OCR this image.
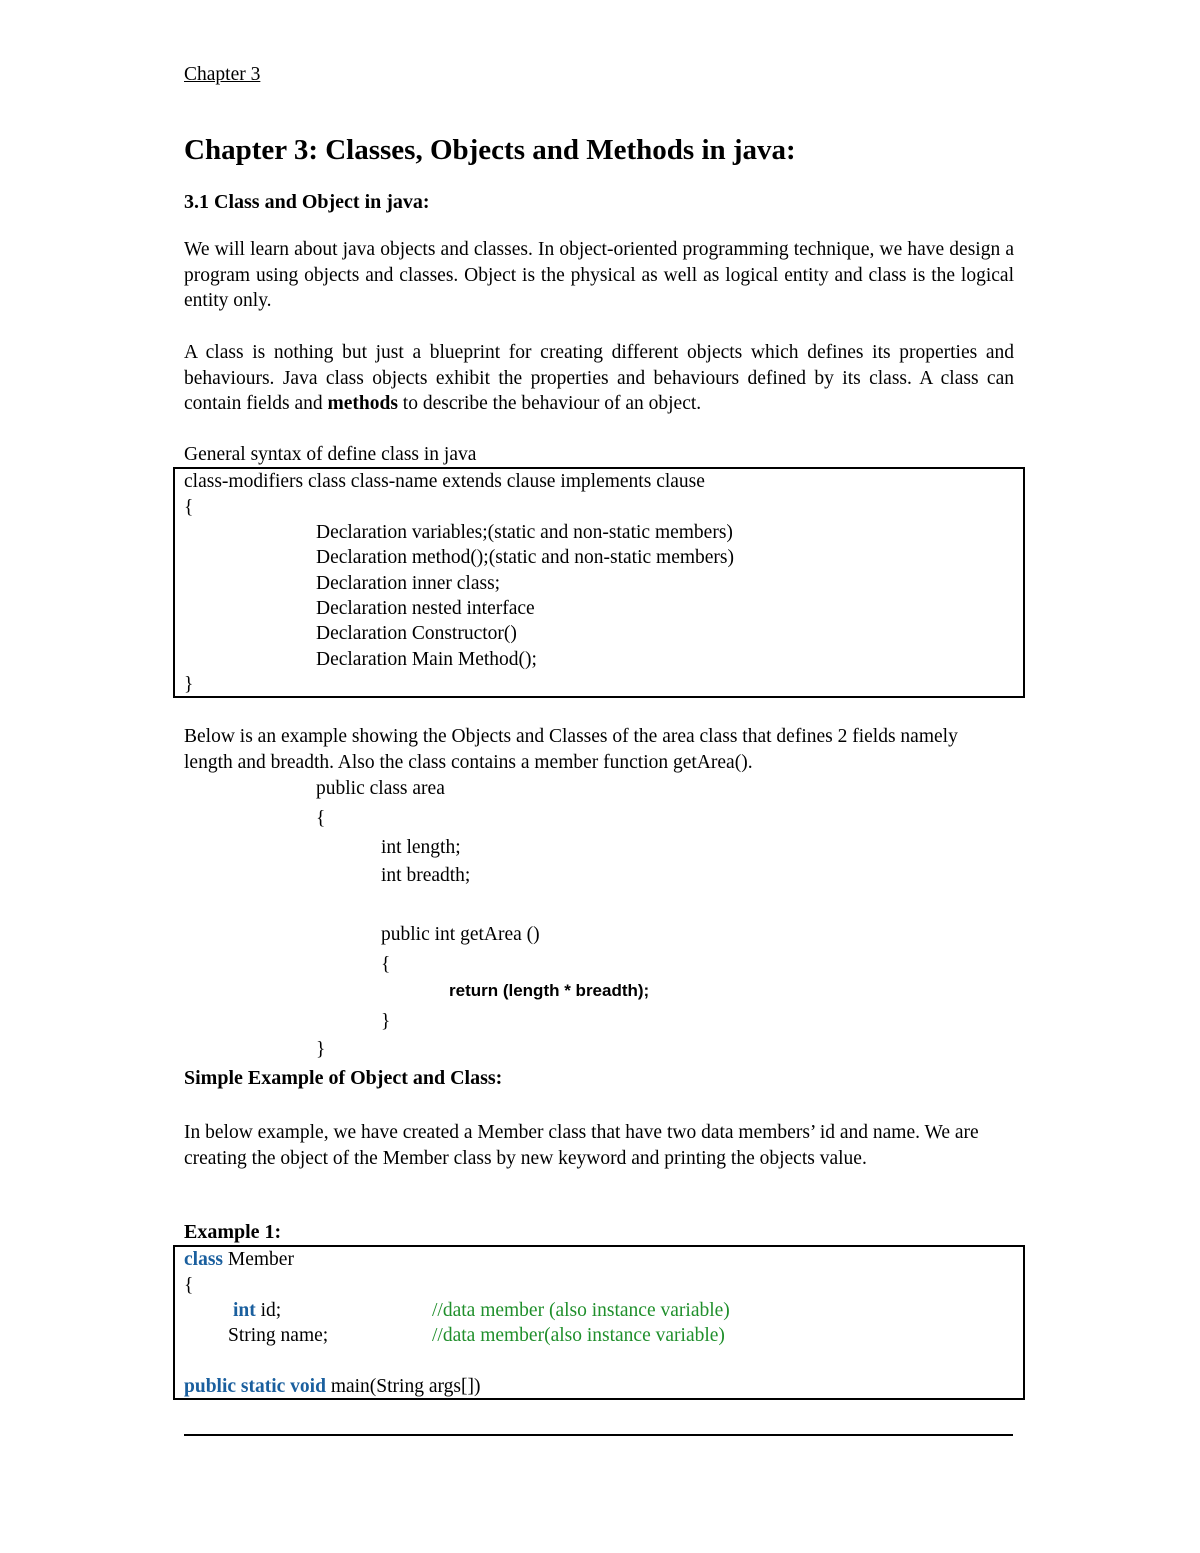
Chapter 3
Chapter 3: Classes, Objects and Methods in java:
3.1 Class and Object in java:
We will learn about java objects and classes. In object-oriented programming technique, we have design a program using objects and classes. Object is the physical as well as logical entity and class is the logical entity only.
A class is nothing but just a blueprint for creating different objects which defines its properties and behaviours. Java class objects exhibit the properties and behaviours defined by its class. A class can contain fields and methods to describe the behaviour of an object.
General syntax of define class in java
class-modifiers class class-name extends clause implements clause
{
Declaration variables;(static and non-static members)
Declaration method();(static and non-static members)
Declaration inner class;
Declaration nested interface
Declaration Constructor()
Declaration Main Method();
}
Below is an example showing the Objects and Classes of the area class that defines 2 fields namely length and breadth. Also the class contains a member function getArea().
public class area
{
int length;
int breadth;
public int getArea ()
{
return (length * breadth);
}
}
Simple Example of Object and Class:
In below example, we have created a Member class that have two data members’ id and name. We are creating the object of the Member class by new keyword and printing the objects value.
Example 1:
class Member
{
int id;	//data member (also instance variable)
String name;	//data member(also instance variable)
public static void main(String args[])
